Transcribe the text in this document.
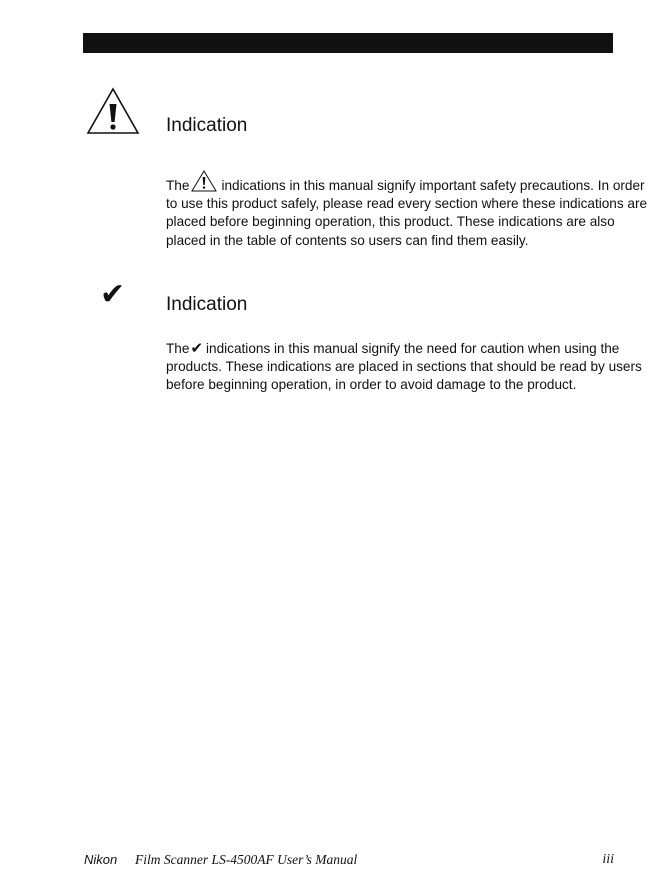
Indication

The indications in this manual signify important safety precautions. In order to use this product safely, please read every section where these indications are placed before beginning operation, this product. These indications are also placed in the table of contents so users can find them easily.

✔ Indication

The✔ indications in this manual signify the need for caution when using the products. These indications are placed in sections that should be read by users before beginning operation, in order to avoid damage to the product.

Nikon Film Scanner LS-4500AF User’s Manual	iii
